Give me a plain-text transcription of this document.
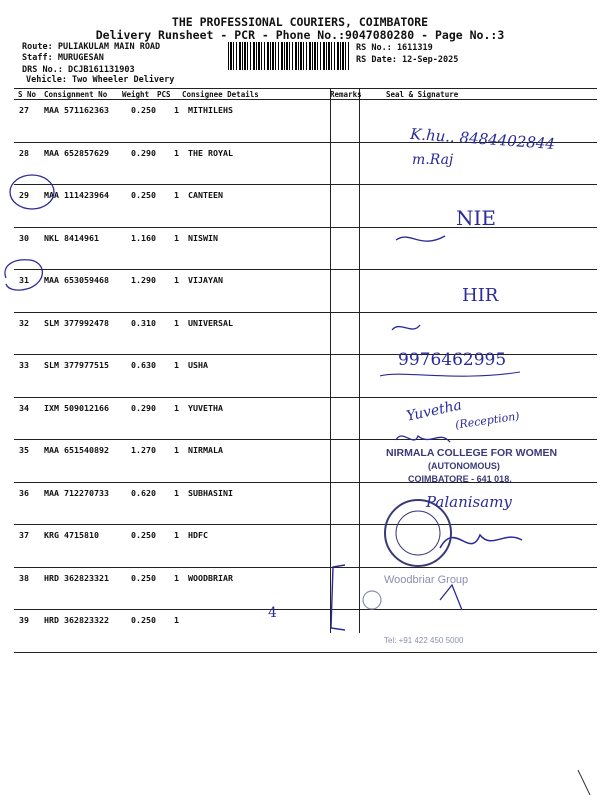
THE PROFESSIONAL COURIERS, COIMBATORE
Delivery Runsheet - PCR - Phone No.:9047080280 - Page No.:3
Route: PULIAKULAM MAIN ROAD
Staff: MURUGESAN
DRS No.: DCJB161131903
Vehicle: Two Wheeler Delivery
RS No.: 1611319
RS Date: 12-Sep-2025
S No Consignment No Weight PCS Consignee Details	Remarks	Seal & Signature
27 MAA 571162363	0.250 1 MITHILEHS
28 MAA 652857629	0.290 1 THE ROYAL
29 MAA 111423964	0.250 1 CANTEEN
30 NKL 8414961	1.160 1 NISWIN
31 MAA 653059468	1.290 1 VIJAYAN
32 SLM 377992478	0.310 1 UNIVERSAL
33 SLM 377977515	0.630 1 USHA
34 IXM 509012166	0.290 1 YUVETHA
35 MAA 651540892	1.270 1 NIRMALA
36 MAA 712270733	0.620 1 SUBHASINI
37 KRG 4715810	0.250 1 HDFC
38 HRD 362823321	0.250 1 WOODBRIAR
39 HRD 362823322	0.250 1
K.hu.. 8484402844
m.Raj
NIE
HIR
9976462995
Yuvetha
(Reception)
4
Palanisamy
NIRMALA COLLEGE FOR WOMEN
(AUTONOMOUS)
COIMBATORE - 641 018.
Woodbriar Group
Tel: +91 422 450 5000
